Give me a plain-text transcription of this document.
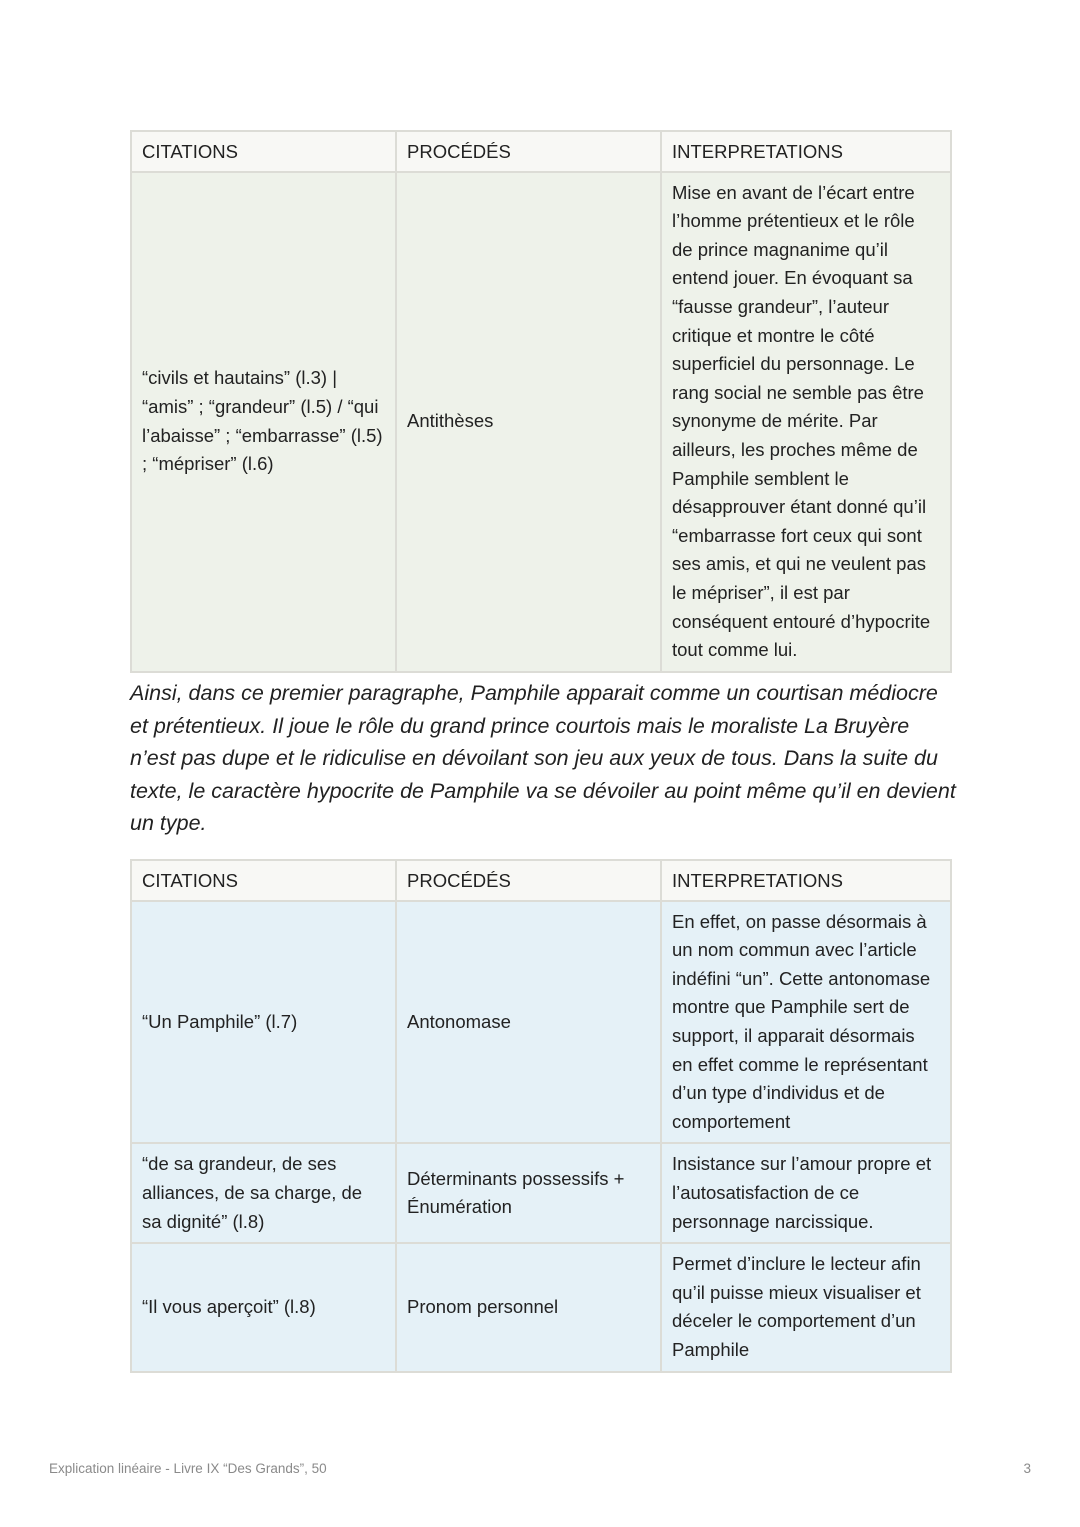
CITATIONS	PROCÉDÉS	INTERPRETATIONS
“civils et hautains” (l.3) | “amis” ; “grandeur” (l.5) / “qui l’abaisse” ; “embarrasse” (l.5) ; “mépriser” (l.6)	Antithèses	Mise en avant de l’écart entre l’homme prétentieux et le rôle de prince magnanime qu’il entend jouer. En évoquant sa “fausse grandeur”, l’auteur critique et montre le côté superficiel du personnage. Le rang social ne semble pas être synonyme de mérite. Par ailleurs, les proches même de Pamphile semblent le désapprouver étant donné qu’il “embarrasse fort ceux qui sont ses amis, et qui ne veulent pas le mépriser”, il est par conséquent entouré d’hypocrite tout comme lui.

Ainsi, dans ce premier paragraphe, Pamphile apparait comme un courtisan médiocre et prétentieux. Il joue le rôle du grand prince courtois mais le moraliste La Bruyère n’est pas dupe et le ridiculise en dévoilant son jeu aux yeux de tous. Dans la suite du texte, le caractère hypocrite de Pamphile va se dévoiler au point même qu’il en devient un type.

CITATIONS	PROCÉDÉS	INTERPRETATIONS
“Un Pamphile” (l.7)	Antonomase	En effet, on passe désormais à un nom commun avec l’article indéfini “un”. Cette antonomase montre que Pamphile sert de support, il apparait désormais en effet comme le représentant d’un type d’individus et de comportement
“de sa grandeur, de ses alliances, de sa charge, de sa dignité” (l.8)	Déterminants possessifs + Énumération	Insistance sur l’amour propre et l’autosatisfaction de ce personnage narcissique.
“Il vous aperçoit” (l.8)	Pronom personnel	Permet d’inclure le lecteur afin qu’il puisse mieux visualiser et déceler le comportement d’un Pamphile
Explication linéaire - Livre IX “Des Grands”, 50	3
